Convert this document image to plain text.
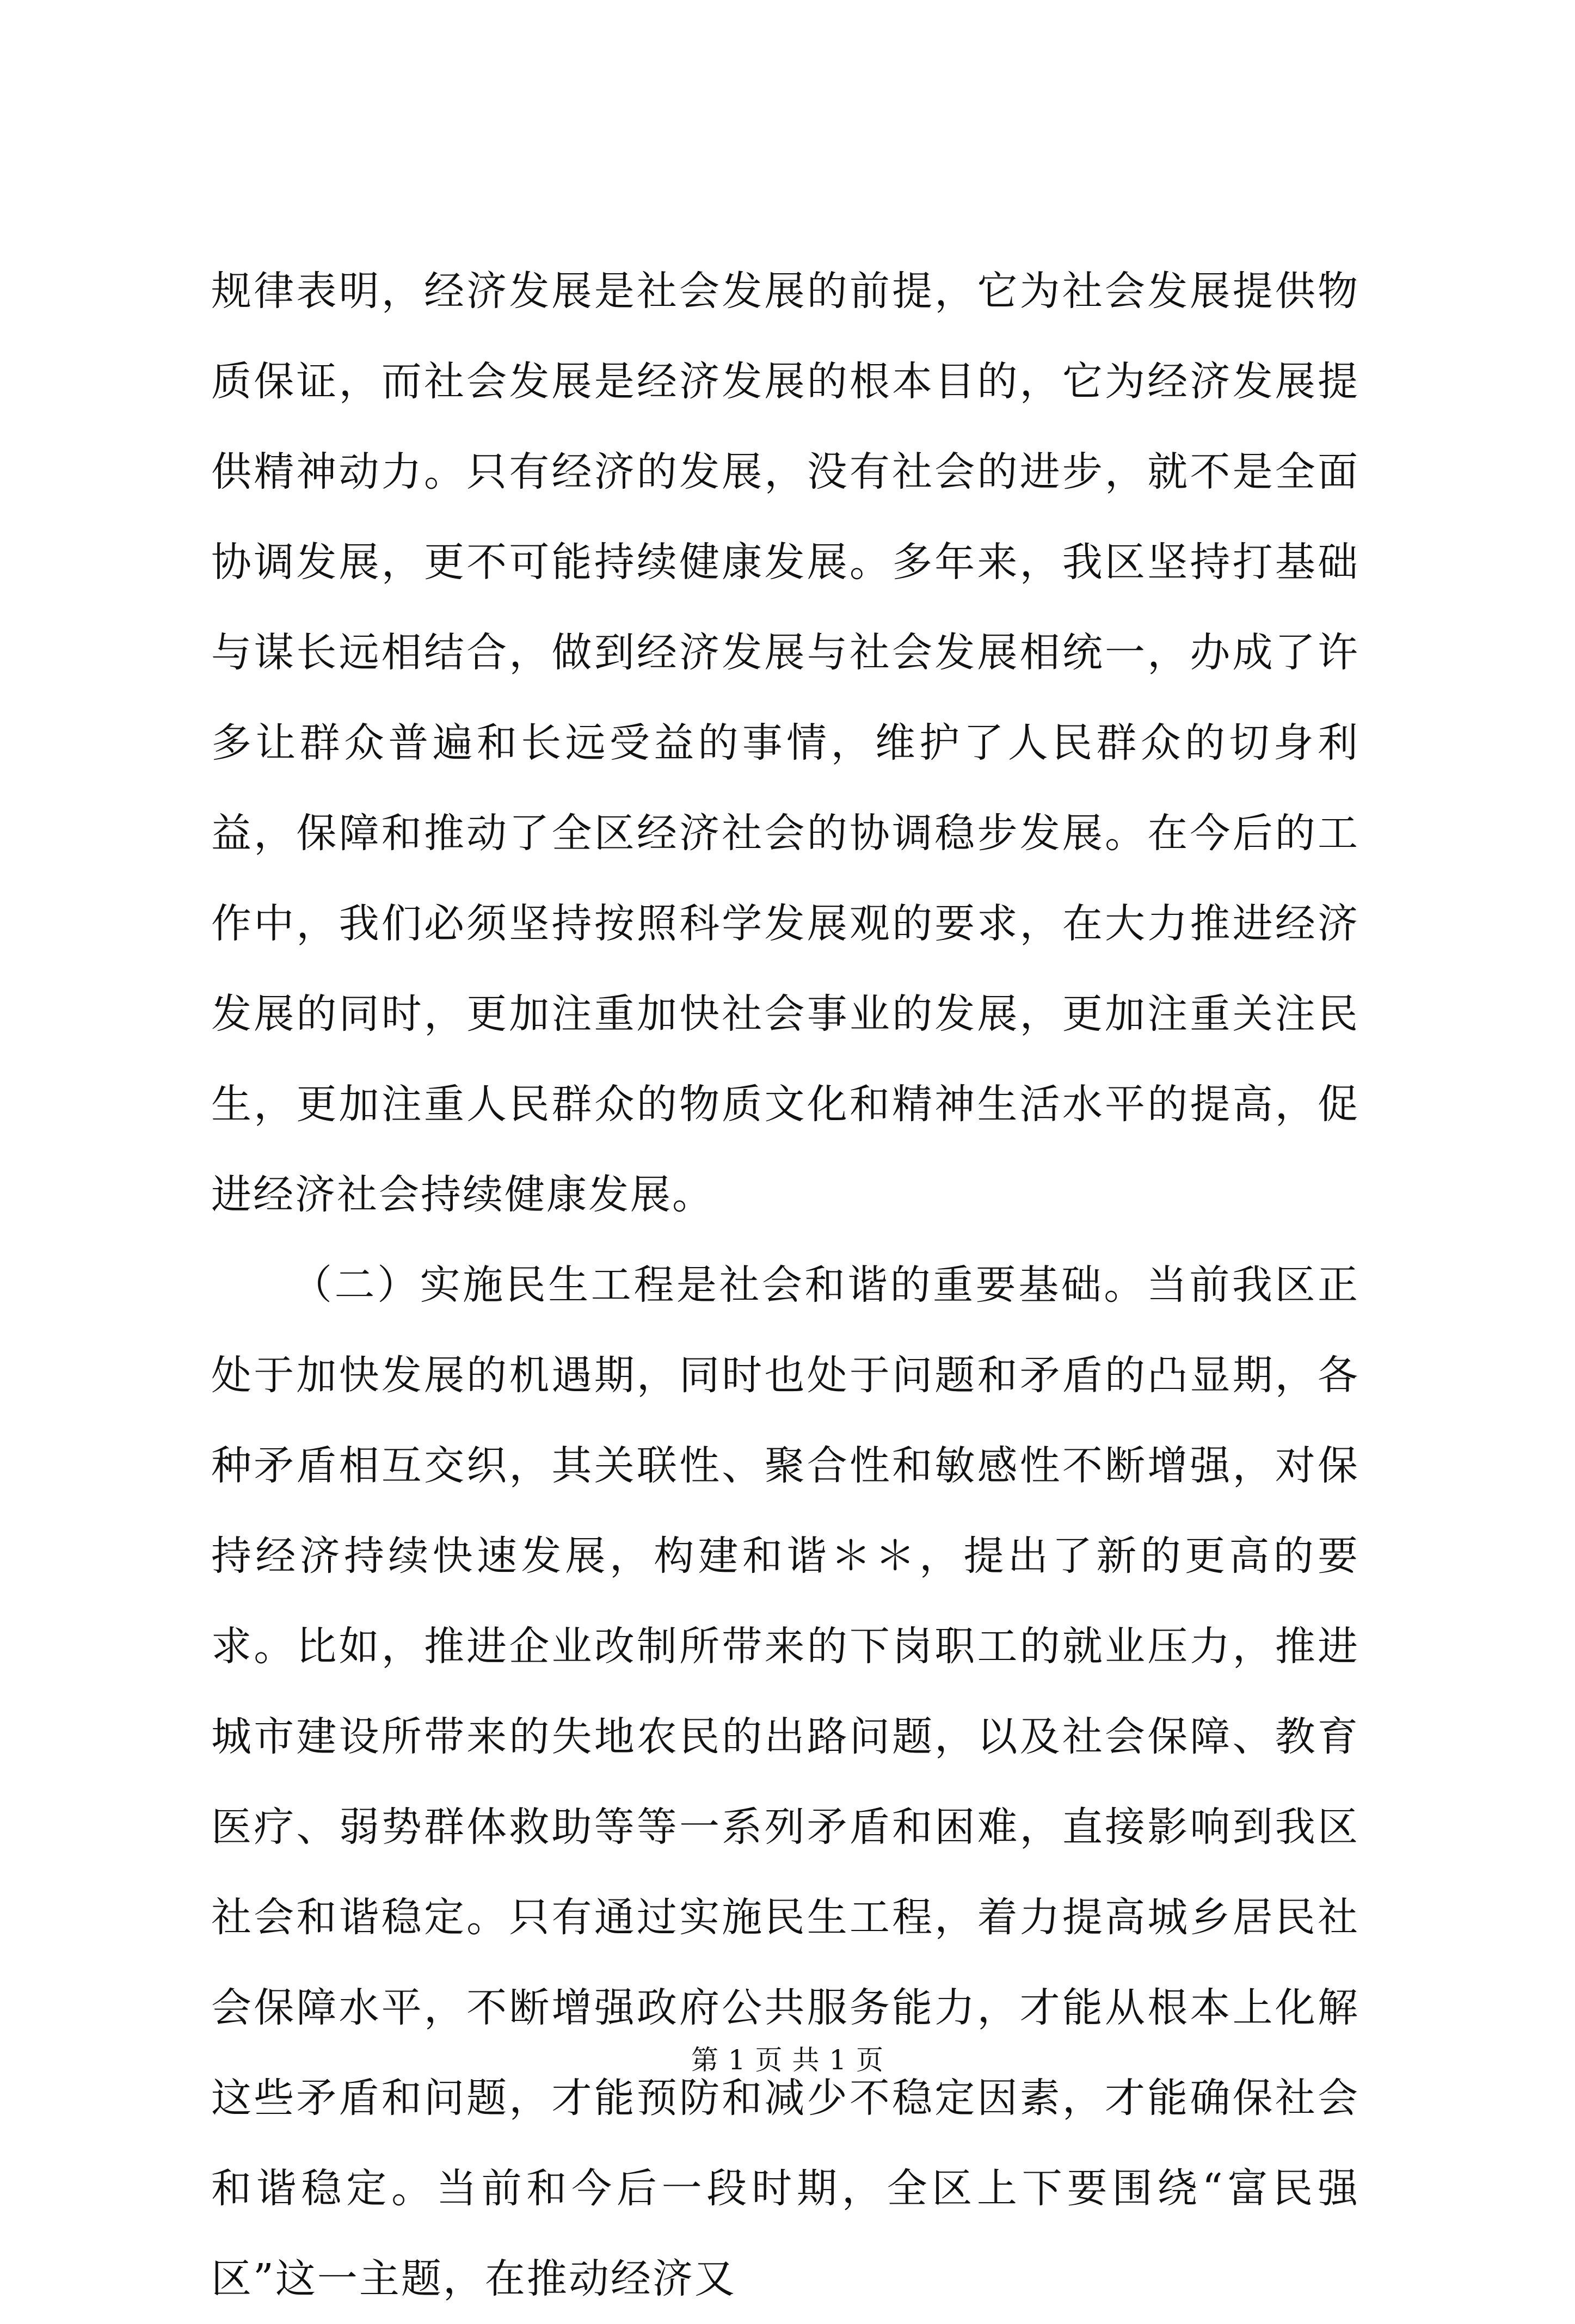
规律表明，经济发展是社会发展的前提，它为社会发展提供物质保证，而社会发展是经济发展的根本目的，它为经济发展提供精神动力。只有经济的发展，没有社会的进步，就不是全面协调发展，更不可能持续健康发展。多年来，我区坚持打基础与谋长远相结合，做到经济发展与社会发展相统一，办成了许多让群众普遍和长远受益的事情，维护了人民群众的切身利益，保障和推动了全区经济社会的协调稳步发展。在今后的工作中，我们必须坚持按照科学发展观的要求，在大力推进经济发展的同时，更加注重加快社会事业的发展，更加注重关注民生，更加注重人民群众的物质文化和精神生活水平的提高，促进经济社会持续健康发展。

（二）实施民生工程是社会和谐的重要基础。当前我区正处于加快发展的机遇期，同时也处于问题和矛盾的凸显期，各种矛盾相互交织，其关联性、聚合性和敏感性不断增强，对保持经济持续快速发展，构建和谐＊＊，提出了新的更高的要求。比如，推进企业改制所带来的下岗职工的就业压力，推进城市建设所带来的失地农民的出路问题，以及社会保障、教育医疗、弱势群体救助等等一系列矛盾和困难，直接影响到我区社会和谐稳定。只有通过实施民生工程，着力提高城乡居民社会保障水平，不断增强政府公共服务能力，才能从根本上化解这些矛盾和问题，才能预防和减少不稳定因素，才能确保社会和谐稳定。当前和今后一段时期，全区上下要围绕“富民强区”这一主题，在推动经济又

第 1 页 共 1 页
